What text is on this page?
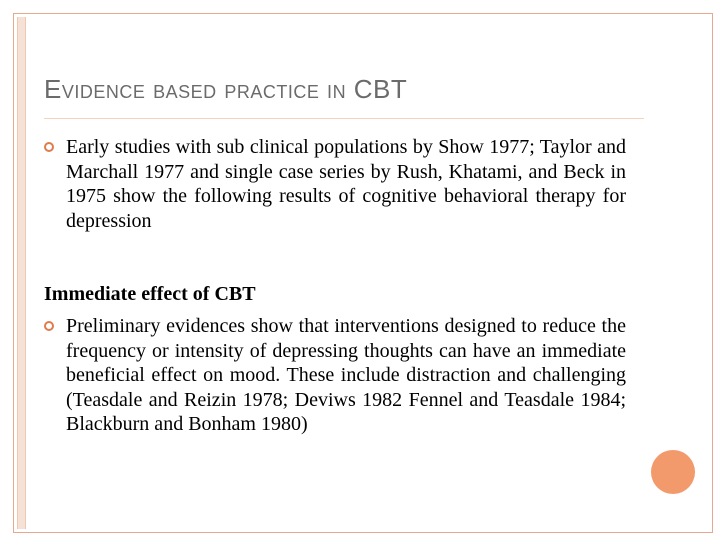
Evidence based practice in CBT
Early studies with sub clinical populations by Show 1977; Taylor and Marchall 1977 and single case series by Rush, Khatami, and Beck in 1975 show the following results of cognitive behavioral therapy for depression
Immediate effect of CBT
Preliminary evidences show that interventions designed to reduce the frequency or intensity of depressing thoughts can have an immediate beneficial effect on mood. These include distraction and challenging (Teasdale and Reizin 1978; Deviws 1982 Fennel and Teasdale 1984; Blackburn and Bonham 1980)
